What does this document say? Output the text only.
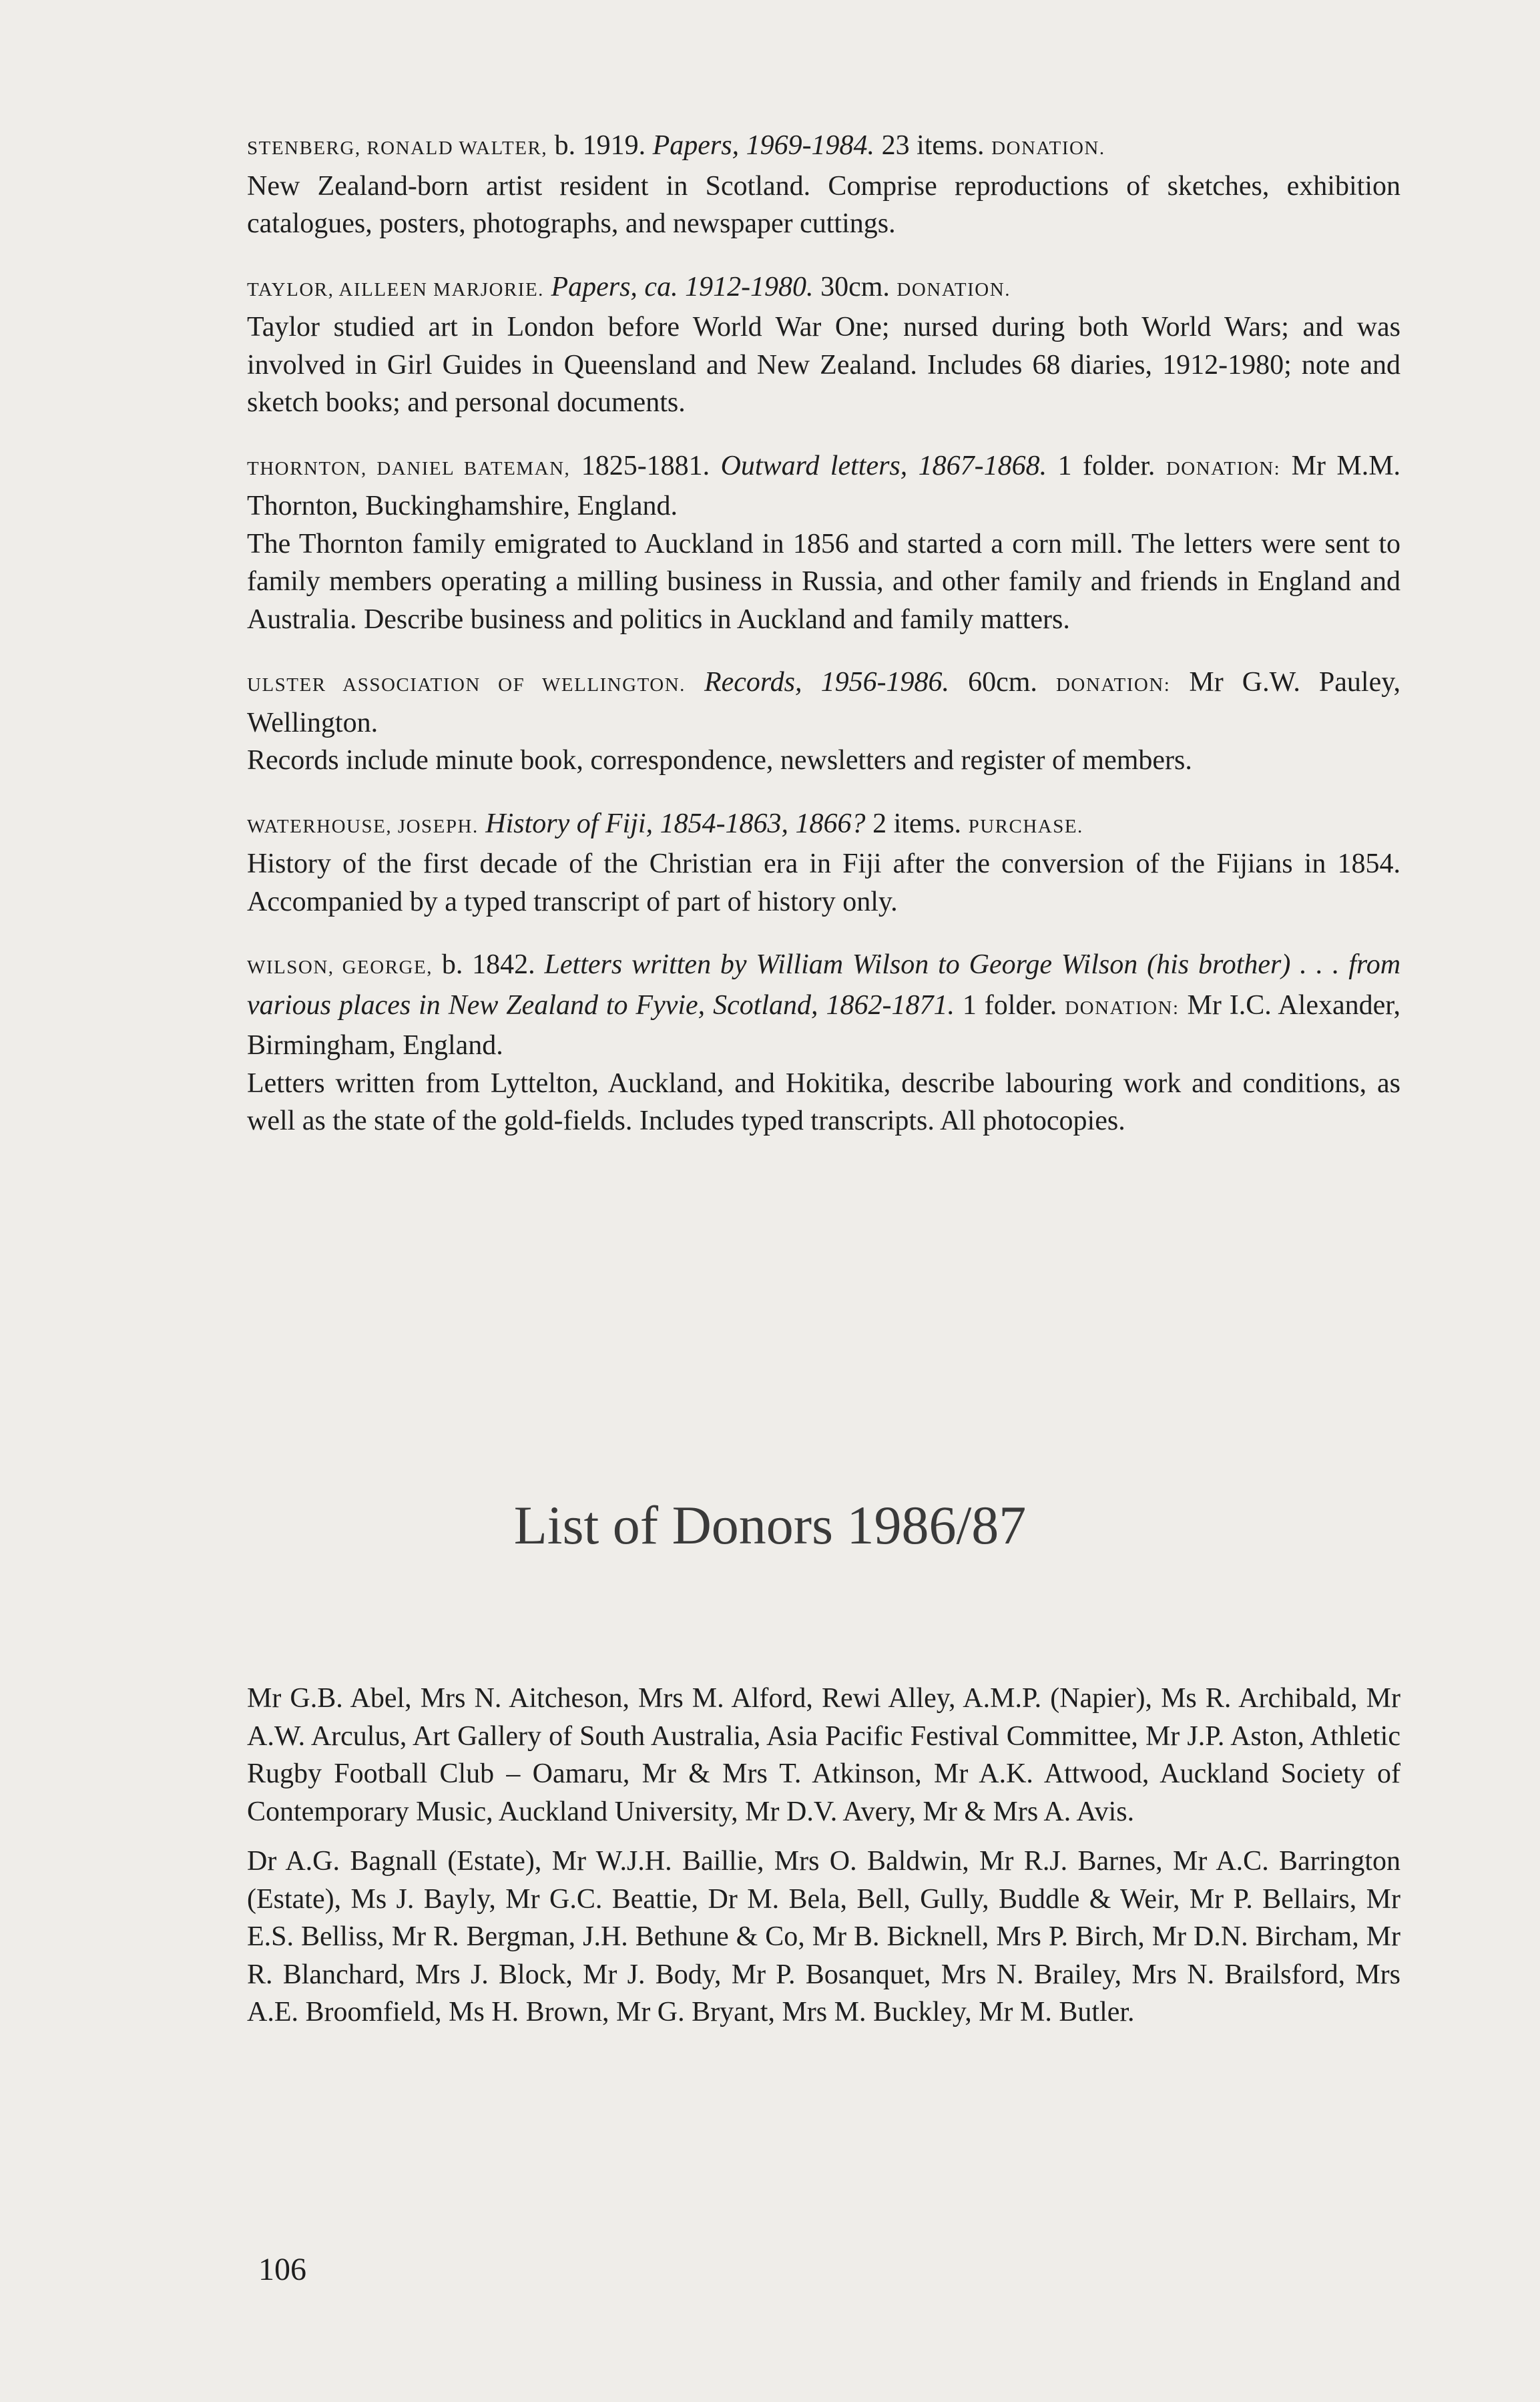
STENBERG, RONALD WALTER, b. 1919. Papers, 1969-1984. 23 items. DONATION.

New Zealand-born artist resident in Scotland. Comprise reproductions of sketches, exhibition catalogues, posters, photographs, and newspaper cuttings.

TAYLOR, AILLEEN MARJORIE. Papers, ca. 1912-1980. 30cm. DONATION.

Taylor studied art in London before World War One; nursed during both World Wars; and was involved in Girl Guides in Queensland and New Zealand. Includes 68 diaries, 1912-1980; note and sketch books; and personal documents.

THORNTON, DANIEL BATEMAN, 1825-1881. Outward letters, 1867-1868. 1 folder. DONATION: Mr M.M. Thornton, Buckinghamshire, England.

The Thornton family emigrated to Auckland in 1856 and started a corn mill. The letters were sent to family members operating a milling business in Russia, and other family and friends in England and Australia. Describe business and politics in Auckland and family matters.

ULSTER ASSOCIATION OF WELLINGTON. Records, 1956-1986. 60cm. DONATION: Mr G.W. Pauley, Wellington.

Records include minute book, correspondence, newsletters and register of members.

WATERHOUSE, JOSEPH. History of Fiji, 1854-1863, 1866? 2 items. PURCHASE.

History of the first decade of the Christian era in Fiji after the conversion of the Fijians in 1854. Accompanied by a typed transcript of part of history only.

WILSON, GEORGE, b. 1842. Letters written by William Wilson to George Wilson (his brother) . . . from various places in New Zealand to Fyvie, Scotland, 1862-1871. 1 folder. DONATION: Mr I.C. Alexander, Birmingham, England.

Letters written from Lyttelton, Auckland, and Hokitika, describe labouring work and conditions, as well as the state of the gold-fields. Includes typed transcripts. All photocopies.

List of Donors 1986/87

Mr G.B. Abel, Mrs N. Aitcheson, Mrs M. Alford, Rewi Alley, A.M.P. (Napier), Ms R. Archibald, Mr A.W. Arculus, Art Gallery of South Australia, Asia Pacific Festival Committee, Mr J.P. Aston, Athletic Rugby Football Club – Oamaru, Mr & Mrs T. Atkinson, Mr A.K. Attwood, Auckland Society of Contemporary Music, Auckland University, Mr D.V. Avery, Mr & Mrs A. Avis.

Dr A.G. Bagnall (Estate), Mr W.J.H. Baillie, Mrs O. Baldwin, Mr R.J. Barnes, Mr A.C. Barrington (Estate), Ms J. Bayly, Mr G.C. Beattie, Dr M. Bela, Bell, Gully, Buddle & Weir, Mr P. Bellairs, Mr E.S. Belliss, Mr R. Bergman, J.H. Bethune & Co, Mr B. Bicknell, Mrs P. Birch, Mr D.N. Bircham, Mr R. Blanchard, Mrs J. Block, Mr J. Body, Mr P. Bosanquet, Mrs N. Brailey, Mrs N. Brailsford, Mrs A.E. Broomfield, Ms H. Brown, Mr G. Bryant, Mrs M. Buckley, Mr M. Butler.

106
